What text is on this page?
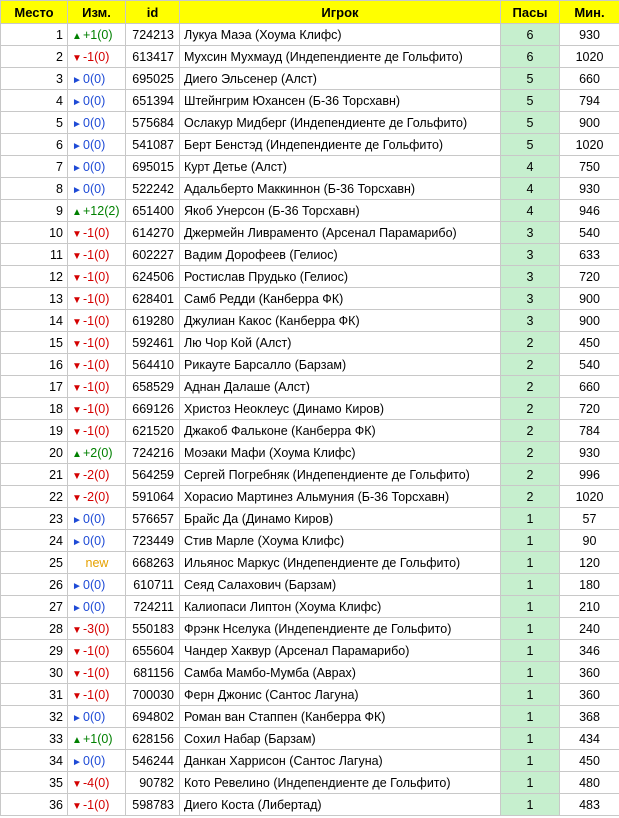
Место	Изм.	id	Игрок	Пасы	Мин.
1	▲+1(0)	724213	Лукуа Маэа (Хоума Клифс)	6	930
2	▼-1(0)	613417	Мухсин Мухмауд (Индепендиенте де Гольфито)	6	1020
3	►0(0)	695025	Диего Эльсенер (Алст)	5	660
4	►0(0)	651394	Штейнгрим Юхансен (Б-36 Торсхавн)	5	794
5	►0(0)	575684	Ослакур Мидберг (Индепендиенте де Гольфито)	5	900
6	►0(0)	541087	Берт Бенстэд (Индепендиенте де Гольфито)	5	1020
7	►0(0)	695015	Курт Детье (Алст)	4	750
8	►0(0)	522242	Адальберто Маккиннон (Б-36 Торсхавн)	4	930
9	▲+12(2)	651400	Якоб Унерсон (Б-36 Торсхавн)	4	946
10	▼-1(0)	614270	Джермейн Ливраменто (Арсенал Парамарибо)	3	540
11	▼-1(0)	602227	Вадим Дорофеев (Гелиос)	3	633
12	▼-1(0)	624506	Ростислав Прудько (Гелиос)	3	720
13	▼-1(0)	628401	Самб Редди (Канберра ФК)	3	900
14	▼-1(0)	619280	Джулиан Какос (Канберра ФК)	3	900
15	▼-1(0)	592461	Лю Чор Кой (Алст)	2	450
16	▼-1(0)	564410	Рикауте Барсалло (Барзам)	2	540
17	▼-1(0)	658529	Аднан Далаше (Алст)	2	660
18	▼-1(0)	669126	Христоз Неоклеус (Динамо Киров)	2	720
19	▼-1(0)	621520	Джакоб Фальконе (Канберра ФК)	2	784
20	▲+2(0)	724216	Моэаки Мафи (Хоума Клифс)	2	930
21	▼-2(0)	564259	Сергей Погребняк (Индепендиенте де Гольфито)	2	996
22	▼-2(0)	591064	Хорасио Мартинез Альмуния (Б-36 Торсхавн)	2	1020
23	►0(0)	576657	Брайс Да (Динамо Киров)	1	57
24	►0(0)	723449	Стив Марле (Хоума Клифс)	1	90
25	new	668263	Ильянос Маркус (Индепендиенте де Гольфито)	1	120
26	►0(0)	610711	Сеяд Салахович (Барзам)	1	180
27	►0(0)	724211	Калиопаси Липтон (Хоума Клифс)	1	210
28	▼-3(0)	550183	Фрэнк Нселука (Индепендиенте де Гольфито)	1	240
29	▼-1(0)	655604	Чандер Хаквур (Арсенал Парамарибо)	1	346
30	▼-1(0)	681156	Самба Мамбо-Мумба (Аврах)	1	360
31	▼-1(0)	700030	Ферн Джонис (Сантос Лагуна)	1	360
32	►0(0)	694802	Роман ван Стаппен (Канберра ФК)	1	368
33	▲+1(0)	628156	Сохил Набар (Барзам)	1	434
34	►0(0)	546244	Данкан Харрисон (Сантос Лагуна)	1	450
35	▼-4(0)	90782	Кото Ревелино (Индепендиенте де Гольфито)	1	480
36	▼-1(0)	598783	Диего Коста (Либертад)	1	483
